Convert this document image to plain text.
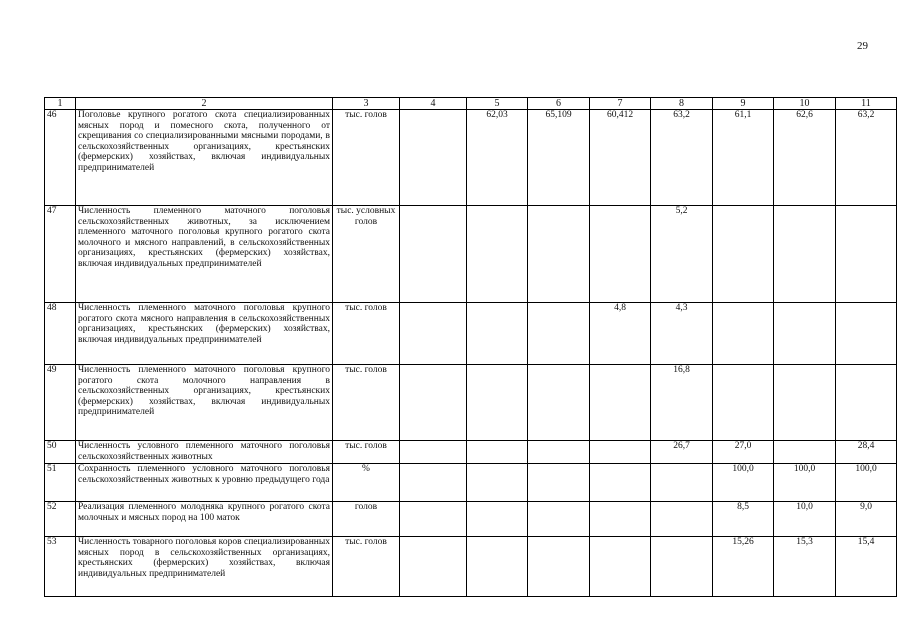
29
1	2	3	4	5	6	7	8	9	10	11
46	Поголовье крупного рогатого скота специализированных мясных пород и помесного скота, полученного от скрещивания со специализированными мясными породами, в сельскохозяйственных организациях, крестьянских (фермерских) хозяйствах, включая индивидуальных предпринимателей	тыс. голов		62,03	65,109	60,412	63,2	61,1	62,6	63,2
47	Численность племенного маточного поголовья сельскохозяйственных животных, за исключением племенного маточного поголовья крупного рогатого скота молочного и мясного направлений, в сельскохозяйственных организациях, крестьянских (фермерских) хозяйствах, включая индивидуальных предпринимателей	тыс. условных голов					5,2			
48	Численность племенного маточного поголовья крупного рогатого скота мясного направления в сельскохозяйственных организациях, крестьянских (фермерских) хозяйствах, включая индивидуальных предпринимателей	тыс. голов				4,8	4,3			
49	Численность племенного маточного поголовья крупного рогатого скота молочного направления в сельскохозяйственных организациях, крестьянских (фермерских) хозяйствах, включая индивидуальных предпринимателей	тыс. голов					16,8			
50	Численность условного племенного маточного поголовья сельскохозяйственных животных	тыс. голов					26,7	27,0		28,4
51	Сохранность племенного условного маточного поголовья сельскохозяйственных животных к уровню предыдущего года	%						100,0	100,0	100,0
52	Реализация племенного молодняка крупного рогатого скота молочных и мясных пород на 100 маток	голов						8,5	10,0	9,0
53	Численность товарного поголовья коров специализированных мясных пород в сельскохозяйственных организациях, крестьянских (фермерских) хозяйствах, включая индивидуальных предпринимателей	тыс. голов						15,26	15,3	15,4
